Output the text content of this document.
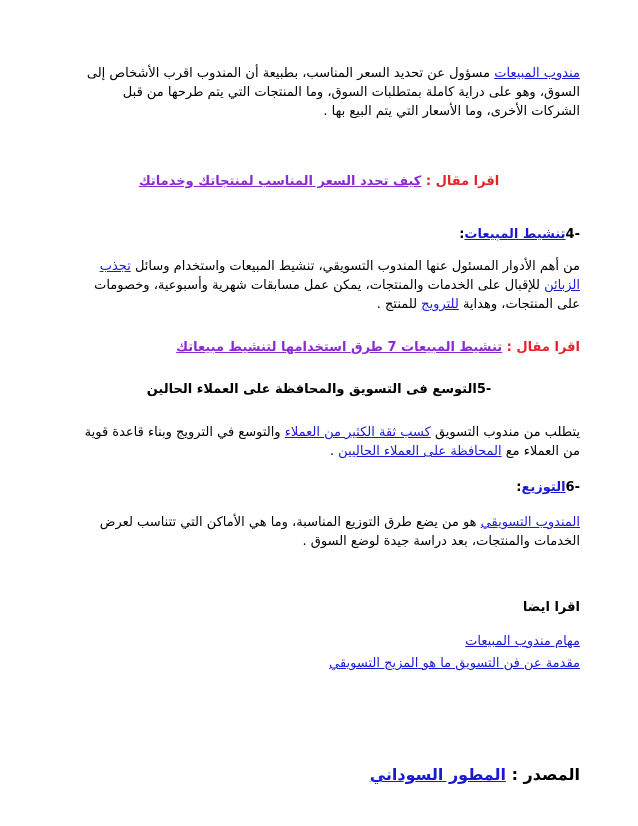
مندوب المبيعات مسؤول عن تحديد السعر المناسب، بطبيعة أن المندوب اقرب الأشخاص إلى
السوق، وهو على دراية كاملة بمتطلبات السوق، وما المنتجات التي يتم طرحها من قبل
الشركات الأخرى، وما الأسعار التي يتم البيع بها .

اقرا مقال : كيف تحدد السعر المناسب لمنتجاتك وخدماتك
-4تنشيط المبيعات:

من أهم الأدوار المسئول عنها المندوب التسويقي، تنشيط المبيعات واستخدام وسائل تجذب
الزبائن للإقبال على الخدمات والمنتجات، يمكن عمل مسابقات شهرية وأسبوعية، وخصومات
على المنتجات، وهداية للترويج للمنتج .

اقرا مقال : تنشيط المبيعات 7 طرق استخدامها لتنشيط مبيعاتك
-5التوسع فى التسويق والمحافظة على العملاء الحالين

يتطلب من مندوب التسويق كسب ثقة الكثير من العملاء والتوسع في الترويج وبناء قاعدة قوية
من العملاء مع المحافظة على العملاء الحاليين .

-6التوزيع:

المندوب التسويقي هو من يضع طرق التوزيع المناسبة، وما هي الأماكن التي تتناسب لعرض
الخدمات والمنتجات، بعد دراسة جيدة لوضع السوق .

اقرا ايضا
مهام مندوب المبيعات
مقدمة عن فن التسويق ما هو المزيج التسويقي
المصدر : المطور السوداني
